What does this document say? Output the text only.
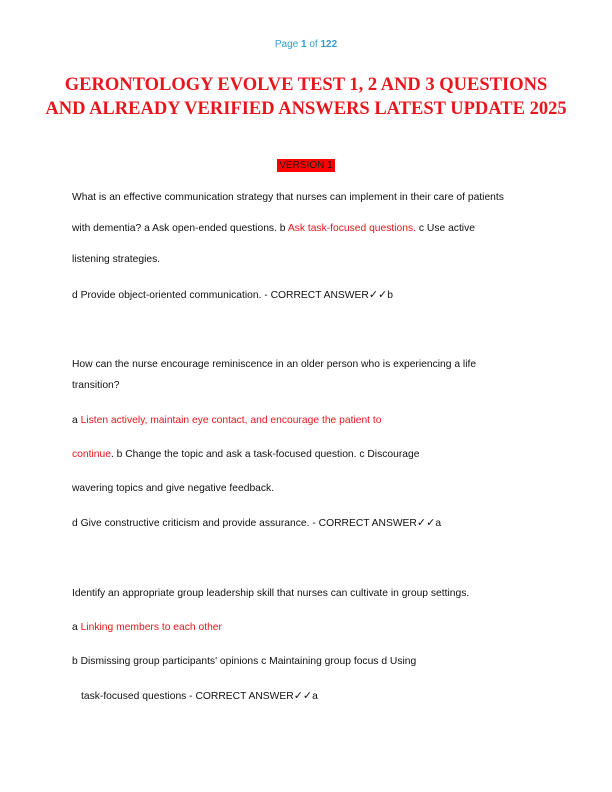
Page 1 of 122
GERONTOLOGY EVOLVE TEST 1, 2 AND 3 QUESTIONS
AND ALREADY VERIFIED ANSWERS LATEST UPDATE 2025
VERSION 1
What is an effective communication strategy that nurses can implement in their care of patients
with dementia? a Ask open-ended questions. b Ask task-focused questions. c Use active
listening strategies.
d Provide object-oriented communication. - CORRECT ANSWER✓✓b
How can the nurse encourage reminiscence in an older person who is experiencing a life
transition?
a Listen actively, maintain eye contact, and encourage the patient to
continue. b Change the topic and ask a task-focused question. c Discourage
wavering topics and give negative feedback.
d Give constructive criticism and provide assurance. - CORRECT ANSWER✓✓a
Identify an appropriate group leadership skill that nurses can cultivate in group settings.
a Linking members to each other
b Dismissing group participants' opinions c Maintaining group focus d Using
task-focused questions - CORRECT ANSWER✓✓a
